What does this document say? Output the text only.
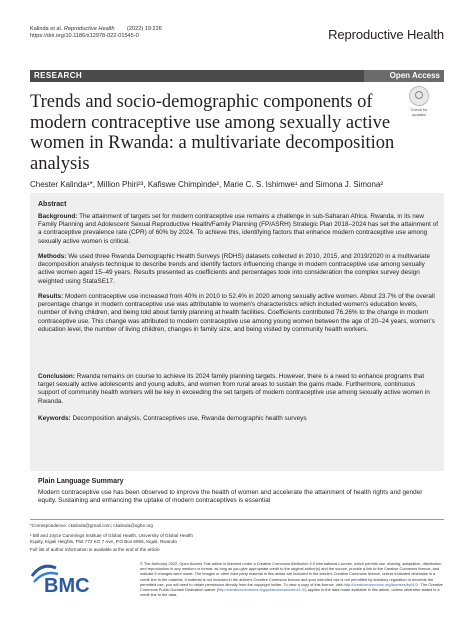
Kalinda et al. Reproductive Health (2022) 19:226
https://doi.org/10.1186/s12978-022-01545-0	Reproductive Health
RESEARCH	Open Access
Check for
updates
Trends and socio-demographic components of modern contraceptive use among sexually active women in Rwanda: a multivariate decomposition analysis
Chester Kalinda¹*, Million Phiri²³, Kafiswe Chimpinde², Marie C. S. Ishimwe¹ and Simona J. Simona²
Abstract
Background: The attainment of targets set for modern contraceptive use remains a challenge in sub-Saharan Africa. Rwanda, in its new Family Planning and Adolescent Sexual Reproductive Health/Family Planning (FP/ASRH) Strategic Plan 2018–2024 has set the attainment of a contraceptive prevalence rate (CPR) of 60% by 2024. To achieve this, identifying factors that enhance modern contraceptive use among sexually active women is critical.
Methods: We used three Rwanda Demographic Health Surveys (RDHS) datasets collected in 2010, 2015, and 2019/2020 in a multivariate decomposition analysis technique to describe trends and identify factors influencing change in modern contraceptive use among sexually active women aged 15–49 years. Results presented as coefficients and percentages took into consideration the complex survey design weighted using StataSE17.
Results: Modern contraceptive use increased from 40% in 2010 to 52.4% in 2020 among sexually active women. About 23.7% of the overall percentage change in modern contraceptive use was attributable to women's characteristics which included women's education levels, number of living children, and being told about family planning at health facilities. Coefficients contributed 76.26% to the change in modern contraceptive use. This change was attributed to modern contraceptive use among young women between the age of 20–24 years, women's education level, the number of living children, changes in family size, and being visited by community health workers.
Conclusion: Rwanda remains on course to achieve its 2024 family planning targets. However, there is a need to enhance programs that target sexually active adolescents and young adults, and women from rural areas to sustain the gains made. Furthermore, continuous support of community health workers will be key in exceeding the set targets of modern contraceptive use among sexually active women in Rwanda.
Keywords: Decomposition analysis, Contraceptives use, Rwanda demographic health surveys
Plain Language Summary
Modern contraceptive use has been observed to improve the health of women and accelerate the attainment of health rights and gender equity. Sustaining and enhancing the uptake of modern contraceptives is essential
*Correspondence: ckalinda@gmail.com; ckalinda@ughe.org
¹ Bill and Joyce Cummings Institute of Global Health, University of Global Health Equity, Kigali Heights, Plot 772 KG 7 Ave, P.O Box 6955, Kigali, Rwanda
Full list of author information is available at the end of the article
BMC
© The Author(s) 2022. Open Access This article is licensed under a Creative Commons Attribution 4.0 International License, which permits use, sharing, adaptation, distribution and reproduction in any medium or format, as long as you give appropriate credit to the original author(s) and the source, provide a link to the Creative Commons licence, and indicate if changes were made. The images or other third party material in this article are included in the article's Creative Commons licence, unless indicated otherwise in a credit line to the material. If material is not included in the article's Creative Commons licence and your intended use is not permitted by statutory regulation or exceeds the permitted use, you will need to obtain permission directly from the copyright holder. To view a copy of this licence, visit http://creativecommons.org/licenses/by/4.0/. The Creative Commons Public Domain Dedication waiver (http://creativecommons.org/publicdomain/zero/1.0/) applies to the data made available in this article, unless otherwise stated in a credit line to the data.
